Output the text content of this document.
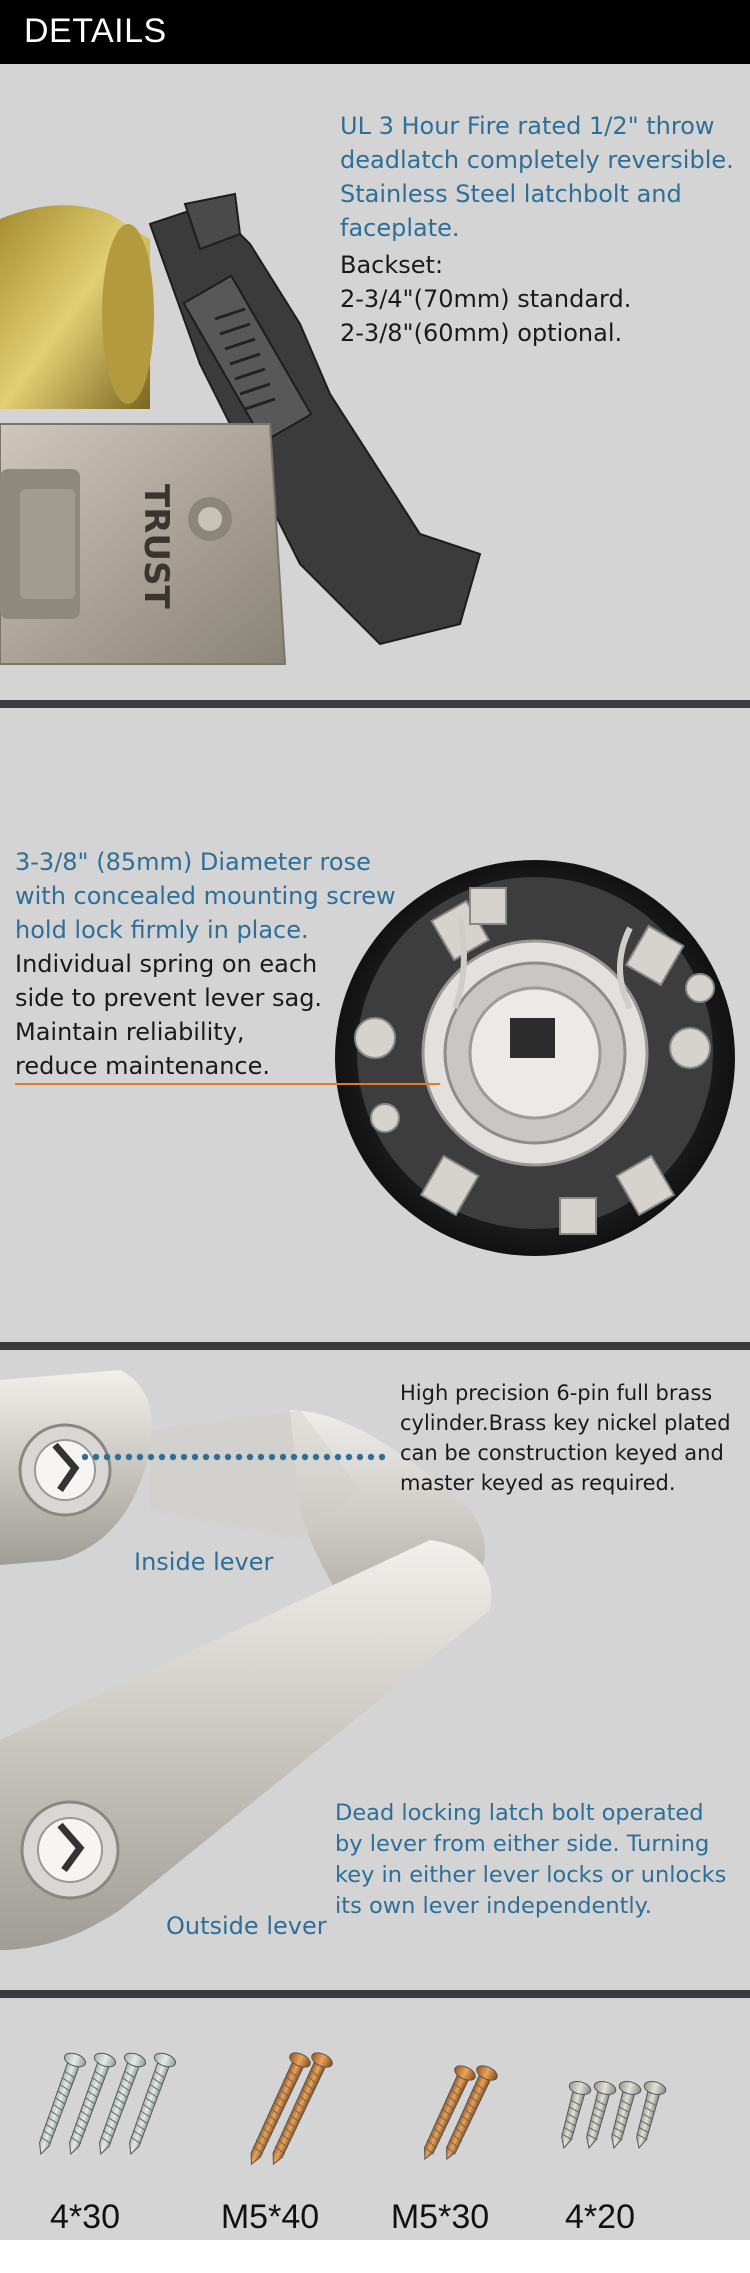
DETAILS
TRUST
UL 3 Hour Fire rated 1/2" throw
deadlatch completely reversible.
Stainless Steel latchbolt and
faceplate.
Backset:
2-3/4"(70mm) standard.
2-3/8"(60mm) optional.
3-3/8" (85mm) Diameter rose
with concealed mounting screw
hold lock firmly in place.
Individual spring on each
side to prevent lever sag.
Maintain reliability,
reduce maintenance.
High precision 6-pin full brass
cylinder.Brass key nickel plated
can be construction keyed and
master keyed as required.
Inside lever
Outside lever
Dead locking latch bolt operated
by lever from either side. Turning
key in either lever locks or unlocks
its own lever independently.
4*30	M5*40	M5*30	4*20
